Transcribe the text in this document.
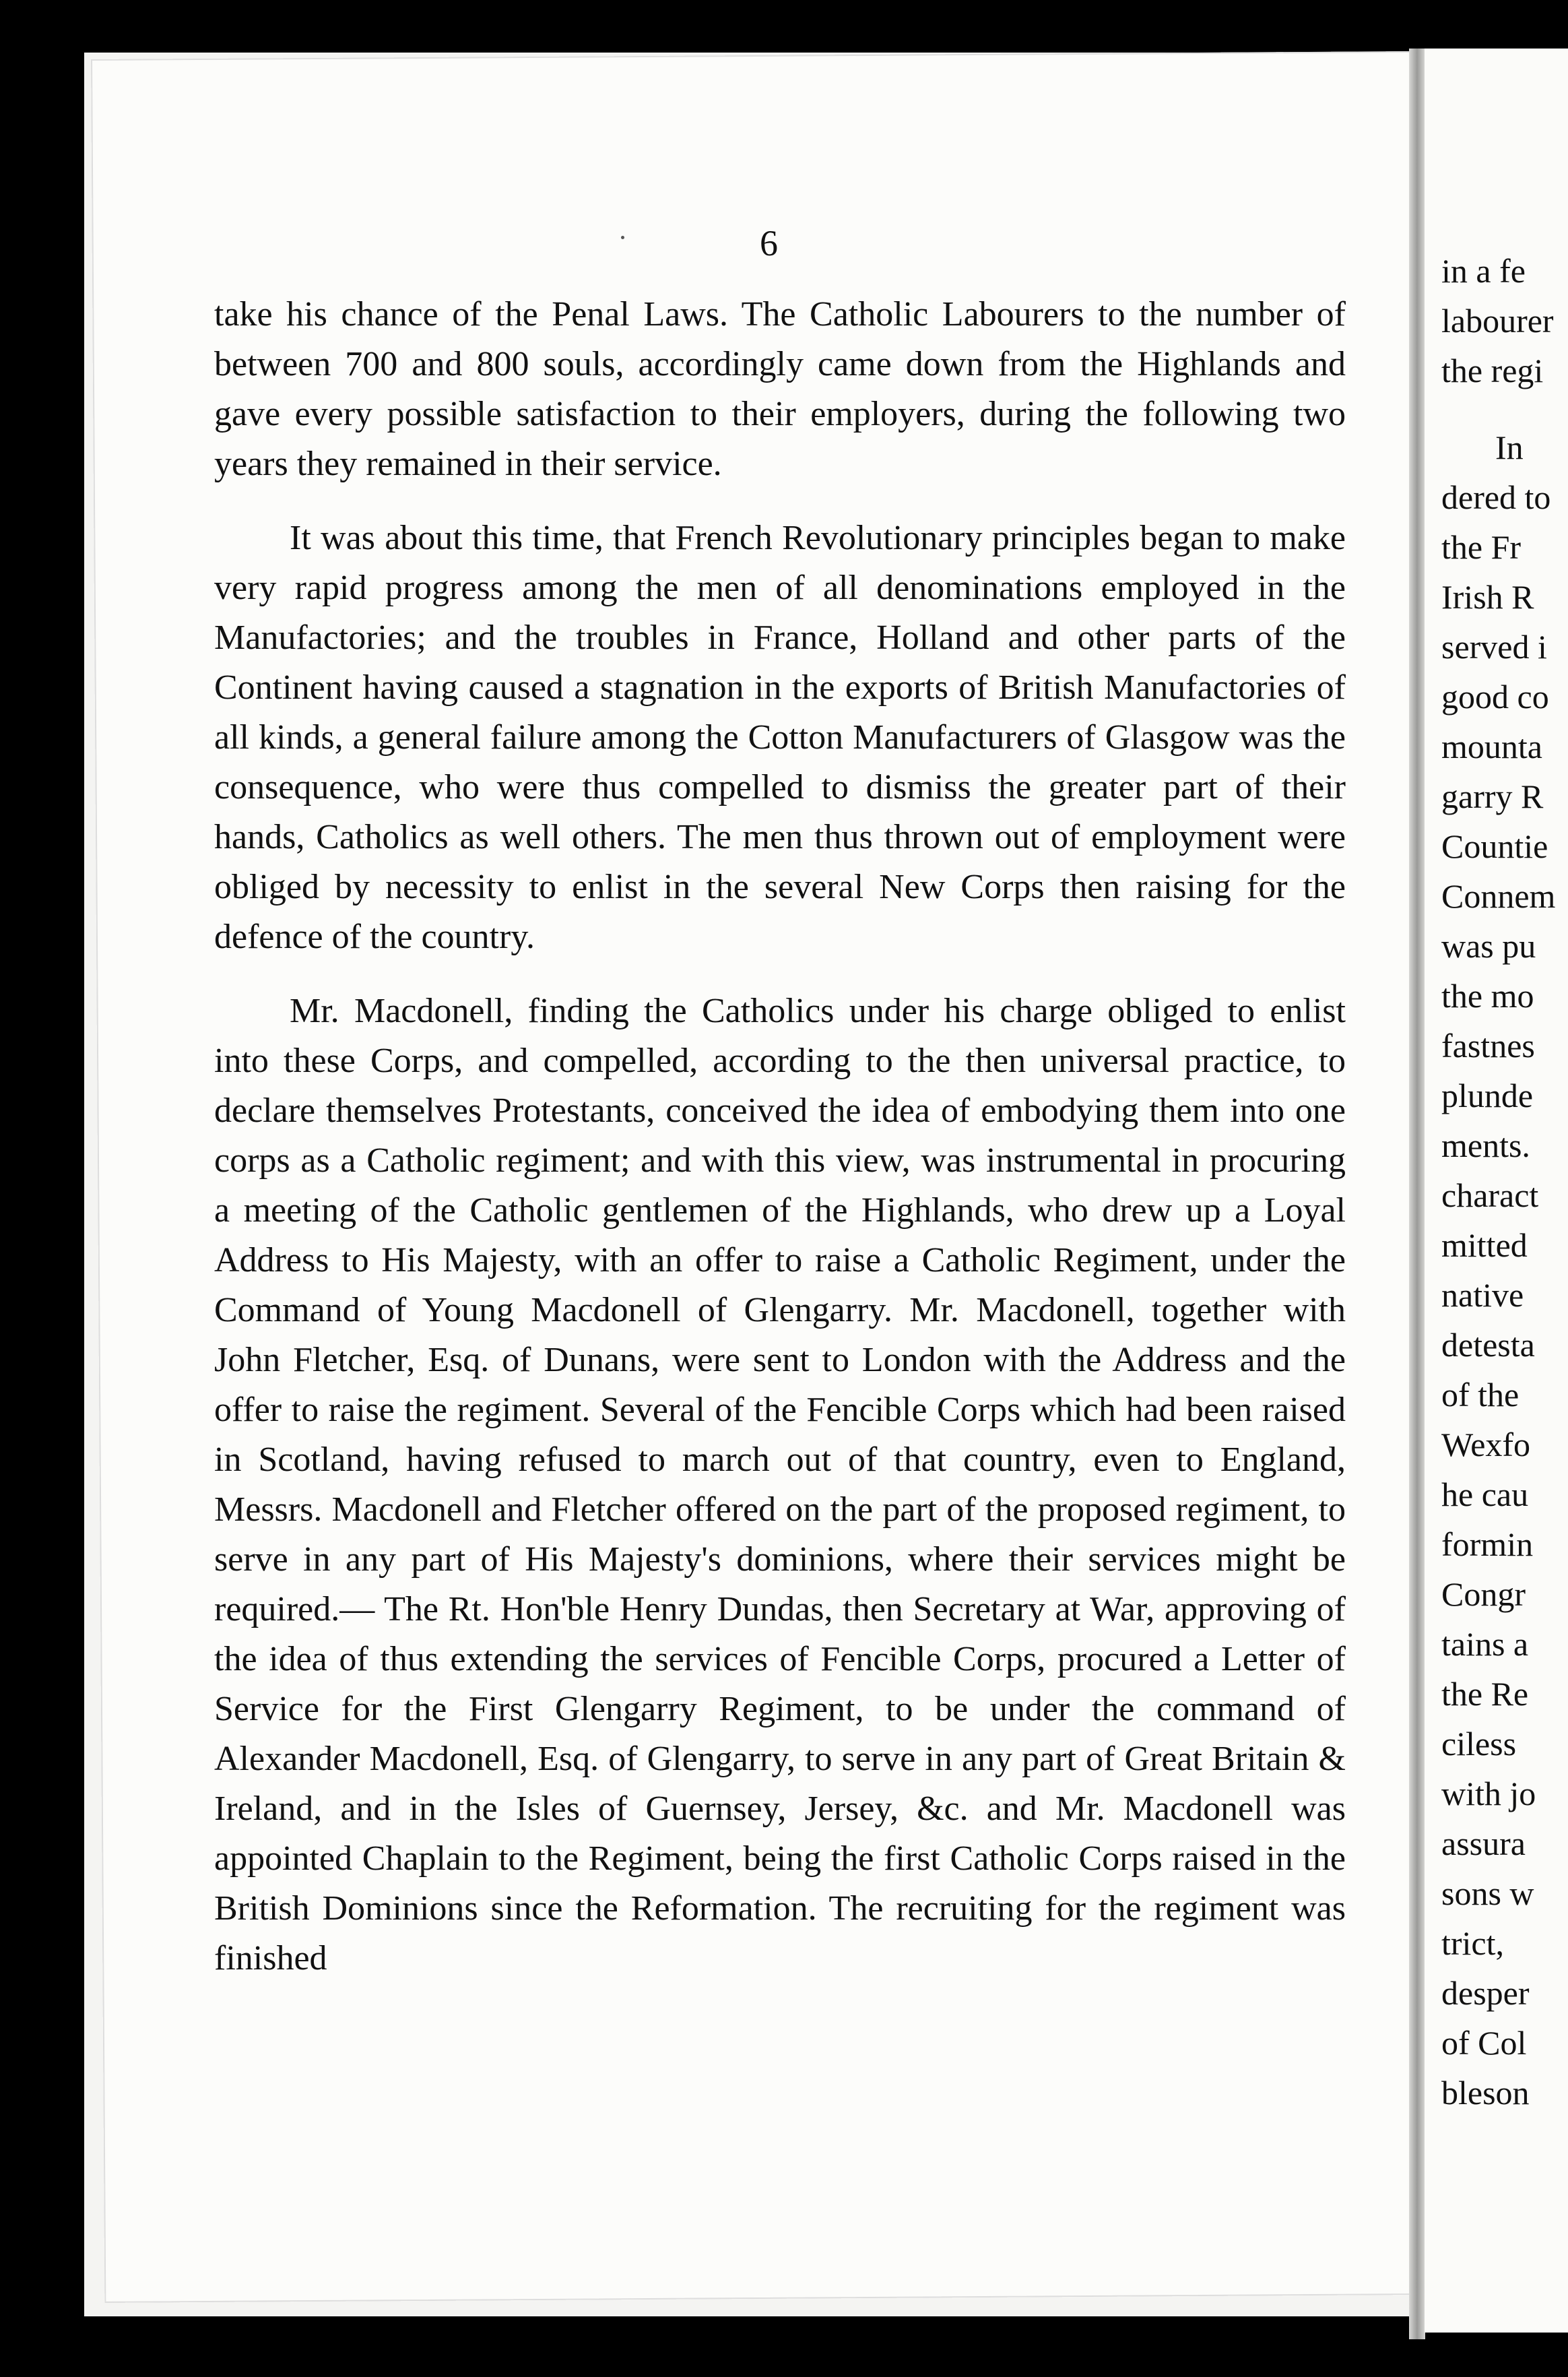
6

take his chance of the Penal Laws. The Catholic Labourers to the number of between 700 and 800 souls, accordingly came down from the Highlands and gave every possible satisfaction to their employers, during the following two years they remained in their service.

It was about this time, that French Revolutionary principles began to make very rapid progress among the men of all denominations employed in the Manufactories; and the troubles in France, Holland and other parts of the Continent having caused a stagnation in the exports of British Manufactories of all kinds, a general failure among the Cotton Manufacturers of Glasgow was the consequence, who were thus compelled to dismiss the greater part of their hands, Catholics as well others. The men thus thrown out of employment were obliged by necessity to enlist in the several New Corps then raising for the defence of the country.

Mr. Macdonell, finding the Catholics under his charge obliged to enlist into these Corps, and compelled, according to the then universal practice, to declare themselves Protestants, conceived the idea of embodying them into one corps as a Catholic regiment; and with this view, was instrumental in procuring a meeting of the Catholic gentlemen of the Highlands, who drew up a Loyal Address to His Majesty, with an offer to raise a Catholic Regiment, under the Command of Young Macdonell of Glengarry. Mr. Macdonell, together with John Fletcher, Esq. of Dunans, were sent to London with the Address and the offer to raise the regiment. Several of the Fencible Corps which had been raised in Scotland, having refused to march out of that country, even to England, Messrs. Macdonell and Fletcher offered on the part of the proposed regiment, to serve in any part of His Majesty's dominions, where their services might be required.— The Rt. Hon'ble Henry Dundas, then Secretary at War, approving of the idea of thus extending the services of Fencible Corps, procured a Letter of Service for the First Glengarry Regiment, to be under the command of Alexander Macdonell, Esq. of Glengarry, to serve in any part of Great Britain & Ireland, and in the Isles of Guernsey, Jersey, &c. and Mr. Macdonell was appointed Chaplain to the Regiment, being the first Catholic Corps raised in the British Dominions since the Reformation. The recruiting for the regiment was finished

in a fe
labourer
the regi
In
dered to
the Fr
Irish R
served i
good co
mounta
garry R
Countie
Connem
was pu
the mo
fastnes
plunde
ments.
charact
mitted
native
detesta
of the
Wexfo
he cau
formin
Congr
tains a
the Re
ciless
with jo
assura
sons w
trict,
desper
of Col
bleson
